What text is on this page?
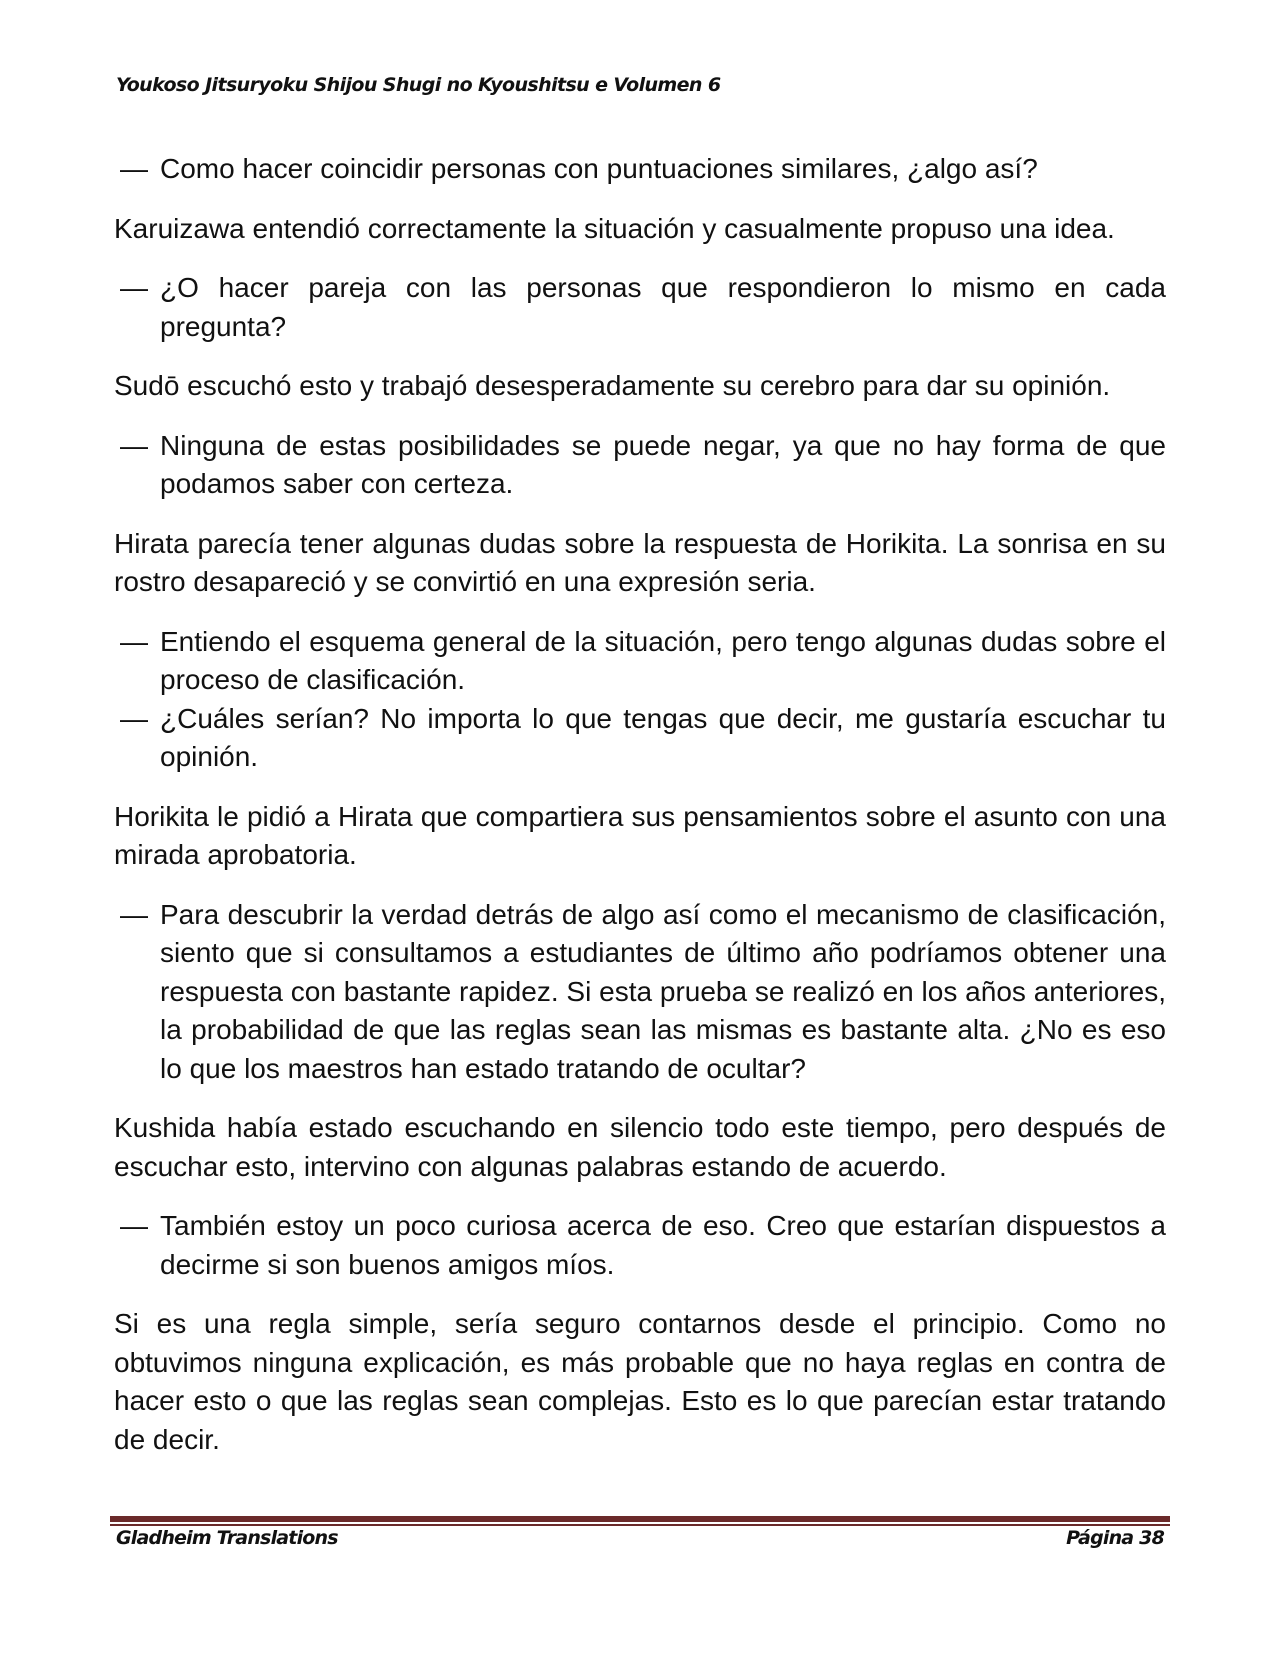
Youkoso Jitsuryoku Shijou Shugi no Kyoushitsu e Volumen 6
— Como hacer coincidir personas con puntuaciones similares, ¿algo así?

Karuizawa entendió correctamente la situación y casualmente propuso una idea.

— ¿O hacer pareja con las personas que respondieron lo mismo en cada pregunta?

Sudō escuchó esto y trabajó desesperadamente su cerebro para dar su opinión.

— Ninguna de estas posibilidades se puede negar, ya que no hay forma de que podamos saber con certeza.

Hirata parecía tener algunas dudas sobre la respuesta de Horikita. La sonrisa en su rostro desapareció y se convirtió en una expresión seria.

— Entiendo el esquema general de la situación, pero tengo algunas dudas sobre el proceso de clasificación.
— ¿Cuáles serían? No importa lo que tengas que decir, me gustaría escuchar tu opinión.

Horikita le pidió a Hirata que compartiera sus pensamientos sobre el asunto con una mirada aprobatoria.

— Para descubrir la verdad detrás de algo así como el mecanismo de clasificación, siento que si consultamos a estudiantes de último año podríamos obtener una respuesta con bastante rapidez. Si esta prueba se realizó en los años anteriores, la probabilidad de que las reglas sean las mismas es bastante alta. ¿No es eso lo que los maestros han estado tratando de ocultar?

Kushida había estado escuchando en silencio todo este tiempo, pero después de escuchar esto, intervino con algunas palabras estando de acuerdo.

— También estoy un poco curiosa acerca de eso. Creo que estarían dispuestos a decirme si son buenos amigos míos.

Si es una regla simple, sería seguro contarnos desde el principio. Como no obtuvimos ninguna explicación, es más probable que no haya reglas en contra de hacer esto o que las reglas sean complejas. Esto es lo que parecían estar tratando de decir.

Gladheim Translations	Página 38
